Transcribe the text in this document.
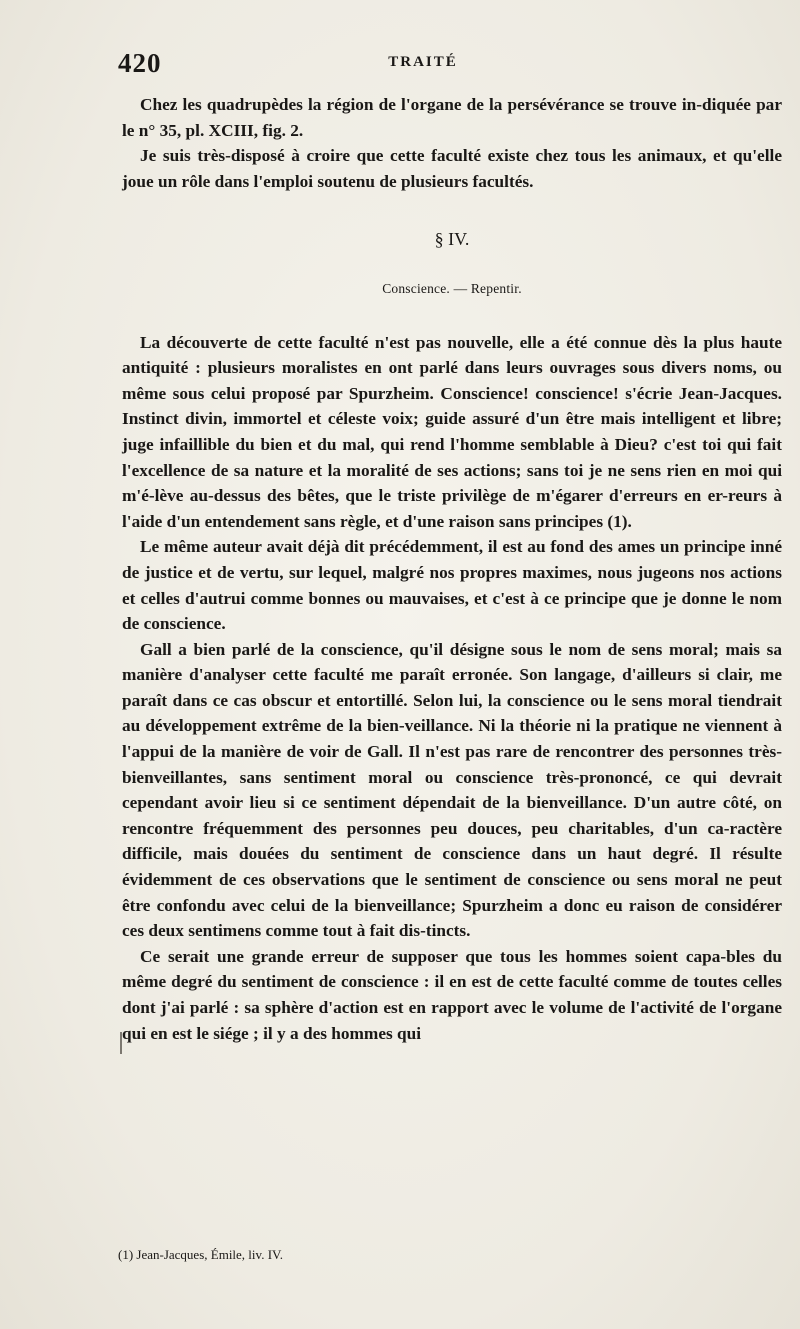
420	TRAITÉ

Chez les quadrupèdes la région de l'organe de la persévérance se trouve in-diquée par le n° 35, pl. XCIII, fig. 2.

Je suis très-disposé à croire que cette faculté existe chez tous les animaux, et qu'elle joue un rôle dans l'emploi soutenu de plusieurs facultés.

§ IV.
Conscience. — Repentir.

La découverte de cette faculté n'est pas nouvelle, elle a été connue dès la plus haute antiquité : plusieurs moralistes en ont parlé dans leurs ouvrages sous divers noms, ou même sous celui proposé par Spurzheim. Conscience! conscience! s'écrie Jean-Jacques. Instinct divin, immortel et céleste voix; guide assuré d'un être mais intelligent et libre; juge infaillible du bien et du mal, qui rend l'homme semblable à Dieu? c'est toi qui fait l'excellence de sa nature et la moralité de ses actions; sans toi je ne sens rien en moi qui m'é-lève au-dessus des bêtes, que le triste privilège de m'égarer d'erreurs en er-reurs à l'aide d'un entendement sans règle, et d'une raison sans principes (1).

Le même auteur avait déjà dit précédemment, il est au fond des ames un principe inné de justice et de vertu, sur lequel, malgré nos propres maximes, nous jugeons nos actions et celles d'autrui comme bonnes ou mauvaises, et c'est à ce principe que je donne le nom de conscience.

Gall a bien parlé de la conscience, qu'il désigne sous le nom de sens moral; mais sa manière d'analyser cette faculté me paraît erronée. Son langage, d'ailleurs si clair, me paraît dans ce cas obscur et entortillé. Selon lui, la conscience ou le sens moral tiendrait au développement extrême de la bien-veillance. Ni la théorie ni la pratique ne viennent à l'appui de la manière de voir de Gall. Il n'est pas rare de rencontrer des personnes très-bienveillantes, sans sentiment moral ou conscience très-prononcé, ce qui devrait cependant avoir lieu si ce sentiment dépendait de la bienveillance. D'un autre côté, on rencontre fréquemment des personnes peu douces, peu charitables, d'un ca-ractère difficile, mais douées du sentiment de conscience dans un haut degré. Il résulte évidemment de ces observations que le sentiment de conscience ou sens moral ne peut être confondu avec celui de la bienveillance; Spurzheim a donc eu raison de considérer ces deux sentimens comme tout à fait dis-tincts.

Ce serait une grande erreur de supposer que tous les hommes soient capa-bles du même degré du sentiment de conscience : il en est de cette faculté comme de toutes celles dont j'ai parlé : sa sphère d'action est en rapport avec le volume de l'activité de l'organe qui en est le siége ; il y a des hommes qui

(1) Jean-Jacques, Émile, liv. IV.
